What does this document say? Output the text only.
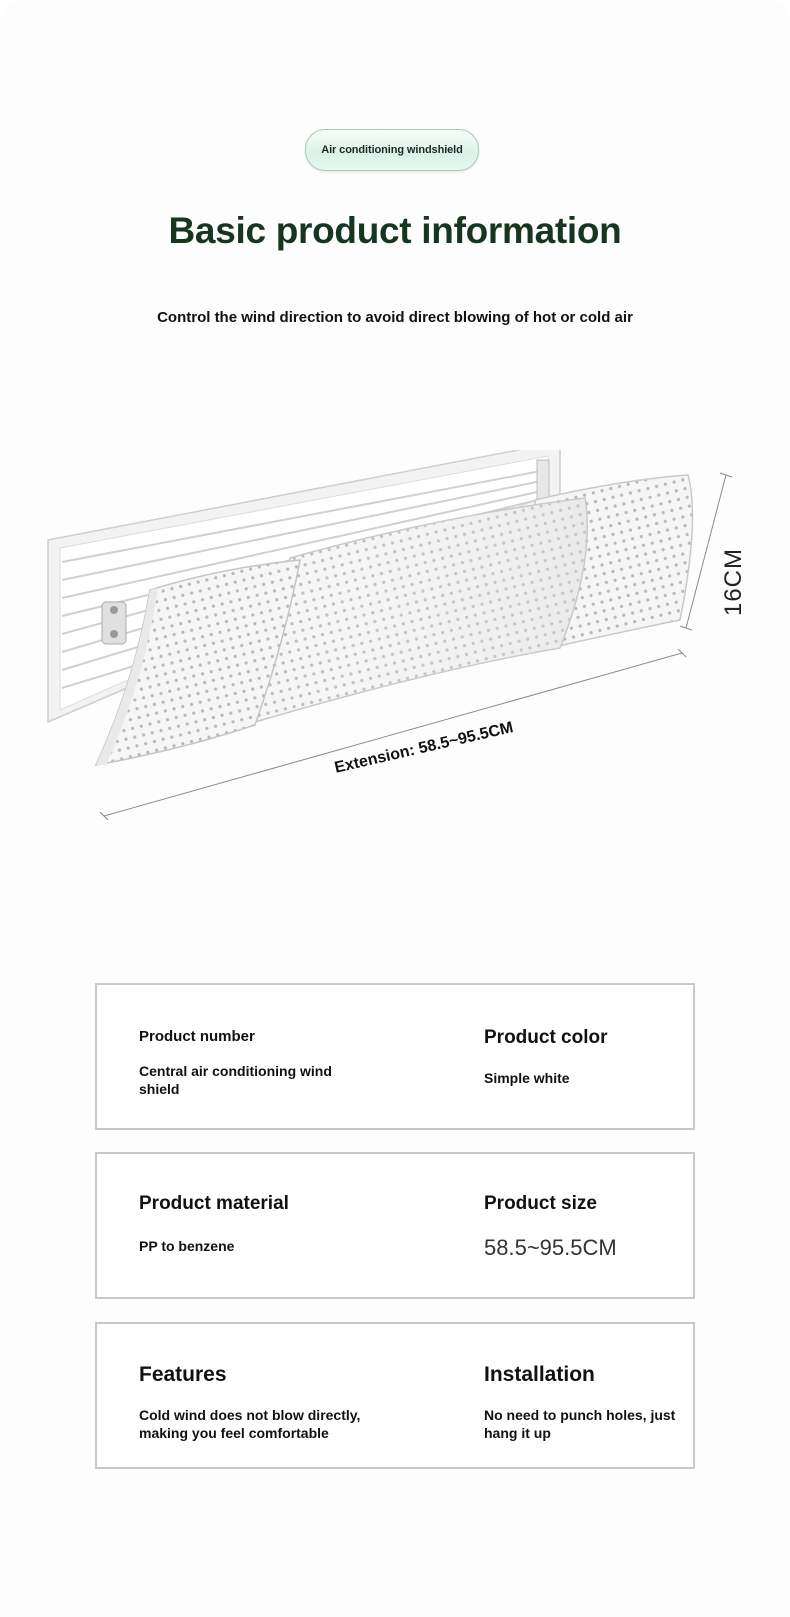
Air conditioning windshield
Basic product information
Control the wind direction to avoid direct blowing of hot or cold air
Extension: 58.5~95.5CM
16CM
Product number
Central air conditioning wind shield
Product color
Simple white
Product material
PP to benzene
Product size
58.5~95.5CM
Features
Cold wind does not blow directly, making you feel comfortable
Installation
No need to punch holes, just hang it up
